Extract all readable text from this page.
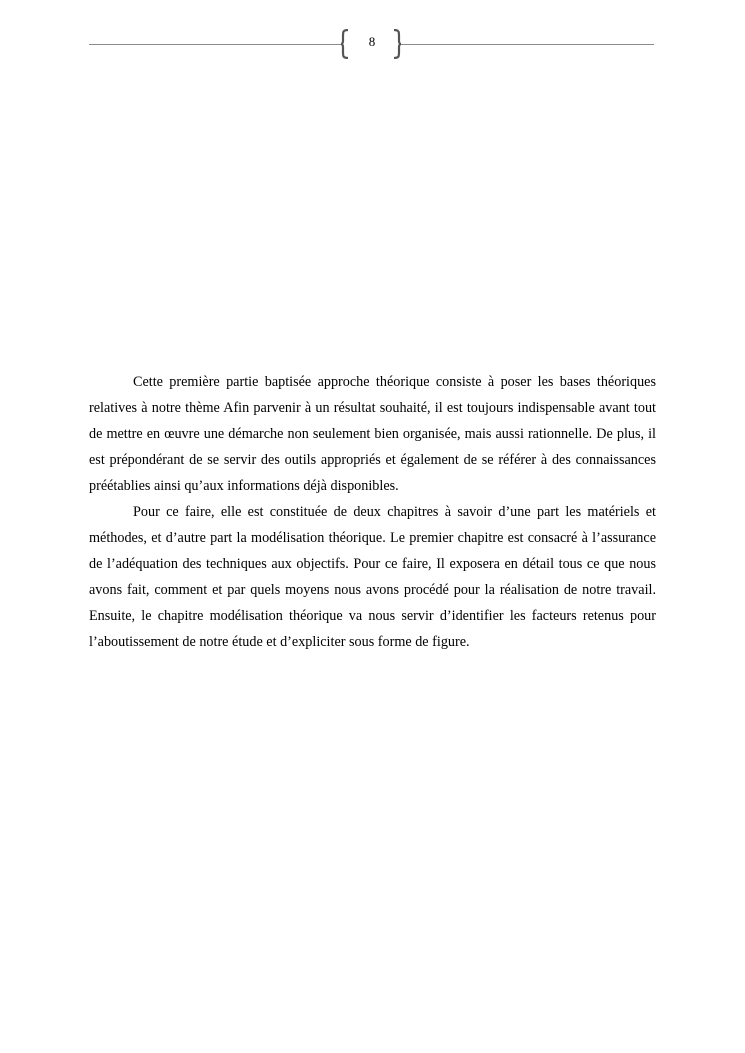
8

Cette première partie baptisée approche théorique consiste à poser les bases théoriques relatives à notre thème Afin parvenir à un résultat souhaité, il est toujours indispensable avant tout de mettre en œuvre une démarche non seulement bien organisée, mais aussi rationnelle. De plus, il est prépondérant de se servir des outils appropriés et également de se référer à des connaissances préétablies ainsi qu’aux informations déjà disponibles.

Pour ce faire, elle est constituée de deux chapitres à savoir d’une part les matériels et méthodes, et d’autre part la modélisation théorique. Le premier chapitre est consacré à l’assurance de l’adéquation des techniques aux objectifs. Pour ce faire, Il exposera en détail tous ce que nous avons fait, comment et par quels moyens nous avons procédé pour la réalisation de notre travail. Ensuite, le chapitre modélisation théorique va nous servir d’identifier les facteurs retenus pour l’aboutissement de notre étude et d’expliciter sous forme de figure.
